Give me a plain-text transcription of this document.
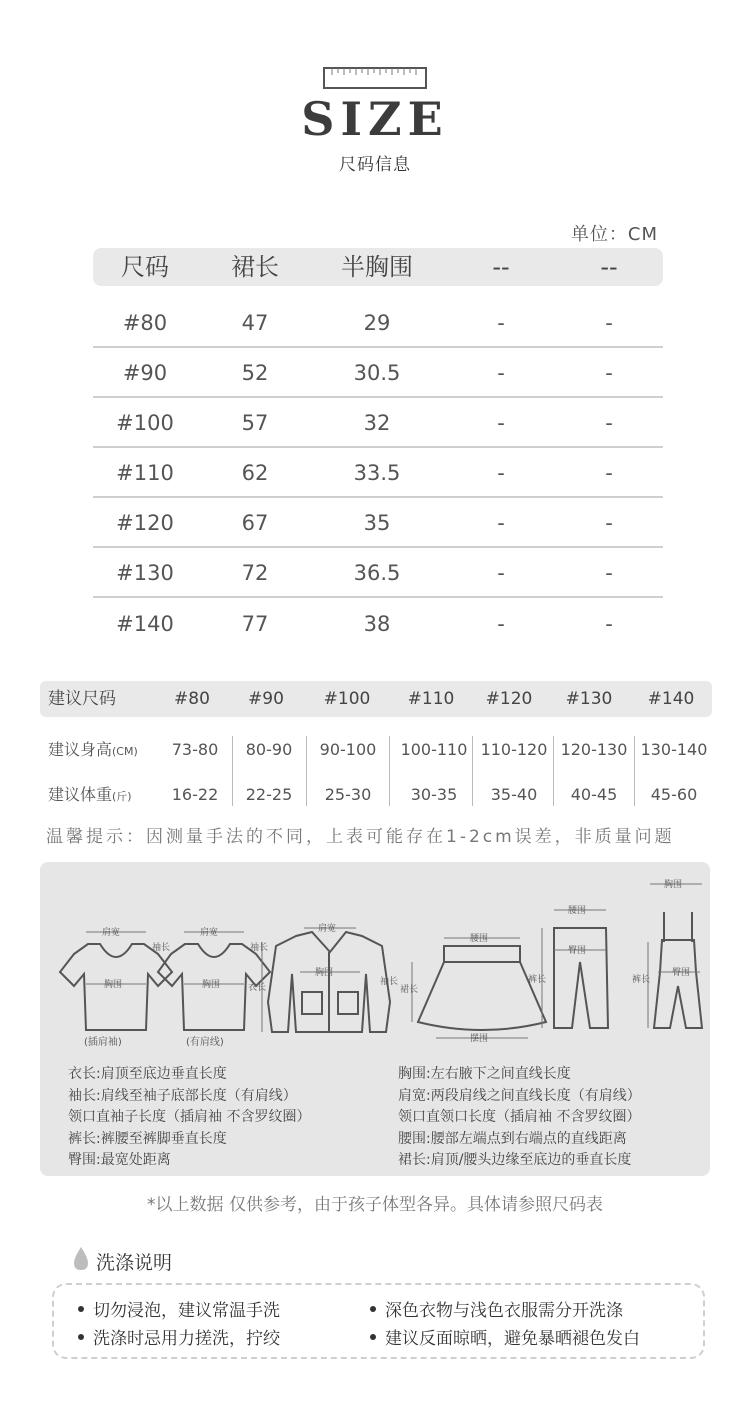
SIZE
尺码信息
单位：CM
尺码	裙长	半胸围	--	--
#80	47	29	-	-
#90	52	30.5	-	-
#100	57	32	-	-
#110	62	33.5	-	-
#120	67	35	-	-
#130	72	36.5	-	-
#140	77	38	-	-
建议尺码	#80	#90	#100	#110	#120	#130	#140
建议身高(CM)	73-80	80-90	90-100	100-110 110-120 120-130 130-140
建议体重(斤)	16-22	22-25	25-30	30-35	35-40	40-45	45-60
温馨提示：因测量手法的不同，上表可能存在1-2cm误差，非质量问题
肩宽	肩宽
胸围	胸围
袖长	袖长
肩宽
胸围
衣长
袖长
腰围
裙长
摆围
腰围
裤长
臀围
胸围
裤长
臀围
(插肩袖)	(有肩线)
衣长:肩顶至底边垂直长度
袖长:肩线至袖子底部长度（有肩线）
领口直袖子长度（插肩袖 不含罗纹圈）
裤长:裤腰至裤脚垂直长度
臀围:最宽处距离
胸围:左右腋下之间直线长度
肩宽:两段肩线之间直线长度（有肩线）
领口直领口长度（插肩袖 不含罗纹圈）
腰围:腰部左端点到右端点的直线距离
裙长:肩顶/腰头边缘至底边的垂直长度
*以上数据 仅供参考，由于孩子体型各异。具体请参照尺码表
洗涤说明
切勿浸泡，建议常温手洗	深色衣物与浅色衣服需分开洗涤
洗涤时忌用力搓洗，拧绞	建议反面晾晒，避免暴晒褪色发白
